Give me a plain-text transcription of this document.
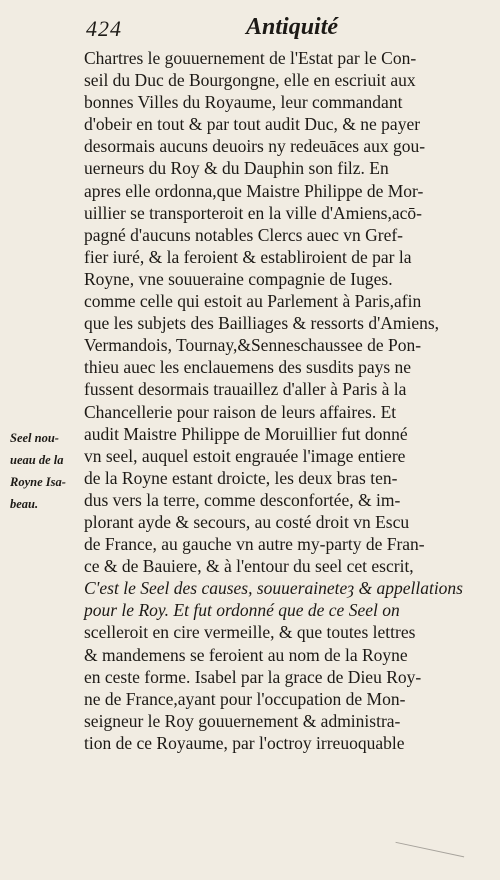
424	Antiquité
Chartres le gouuernement de l'Estat par le Con-
seil du Duc de Bourgongne, elle en escriuit aux
bonnes Villes du Royaume, leur commandant
d'obeir en tout & par tout audit Duc, & ne payer
desormais aucuns deuoirs ny redeuāces aux gou-
uerneurs du Roy & du Dauphin son filz. En
apres elle ordonna,que Maistre Philippe de Mor-
uillier se transporteroit en la ville d'Amiens,acō-
pagné d'aucuns notables Clercs auec vn Gref-
fier iuré, & la feroient & establiroient de par la
Royne, vne souueraine compagnie de Iuges.
comme celle qui estoit au Parlement à Paris,afin
que les subjets des Bailliages & ressorts d'Amiens,
Vermandois, Tournay,&Senneschaussee de Pon-
thieu auec les enclauemens des susdits pays ne
fussent desormais trauaillez d'aller à Paris à la
Chancellerie pour raison de leurs affaires. Et
audit Maistre Philippe de Moruillier fut donné
vn seel, auquel estoit engrauée l'image entiere
de la Royne estant droicte, les deux bras ten-
dus vers la terre, comme desconfortée, & im-
plorant ayde & secours, au costé droit vn Escu
de France, au gauche vn autre my-party de Fran-
ce & de Bauiere, & à l'entour du seel cet escrit,
C'est le Seel des causes, souueraineteȝ & appellations
pour le Roy. Et fut ordonné que de ce Seel on
scelleroit en cire vermeille, & que toutes lettres
& mandemens se feroient au nom de la Royne
en ceste forme. Isabel par la grace de Dieu Roy-
ne de France,ayant pour l'occupation de Mon-
seigneur le Roy gouuernement & administra-
tion de ce Royaume, par l'octroy irreuoquable
Seel nou-
ueau de la
Royne Isa-
beau.
